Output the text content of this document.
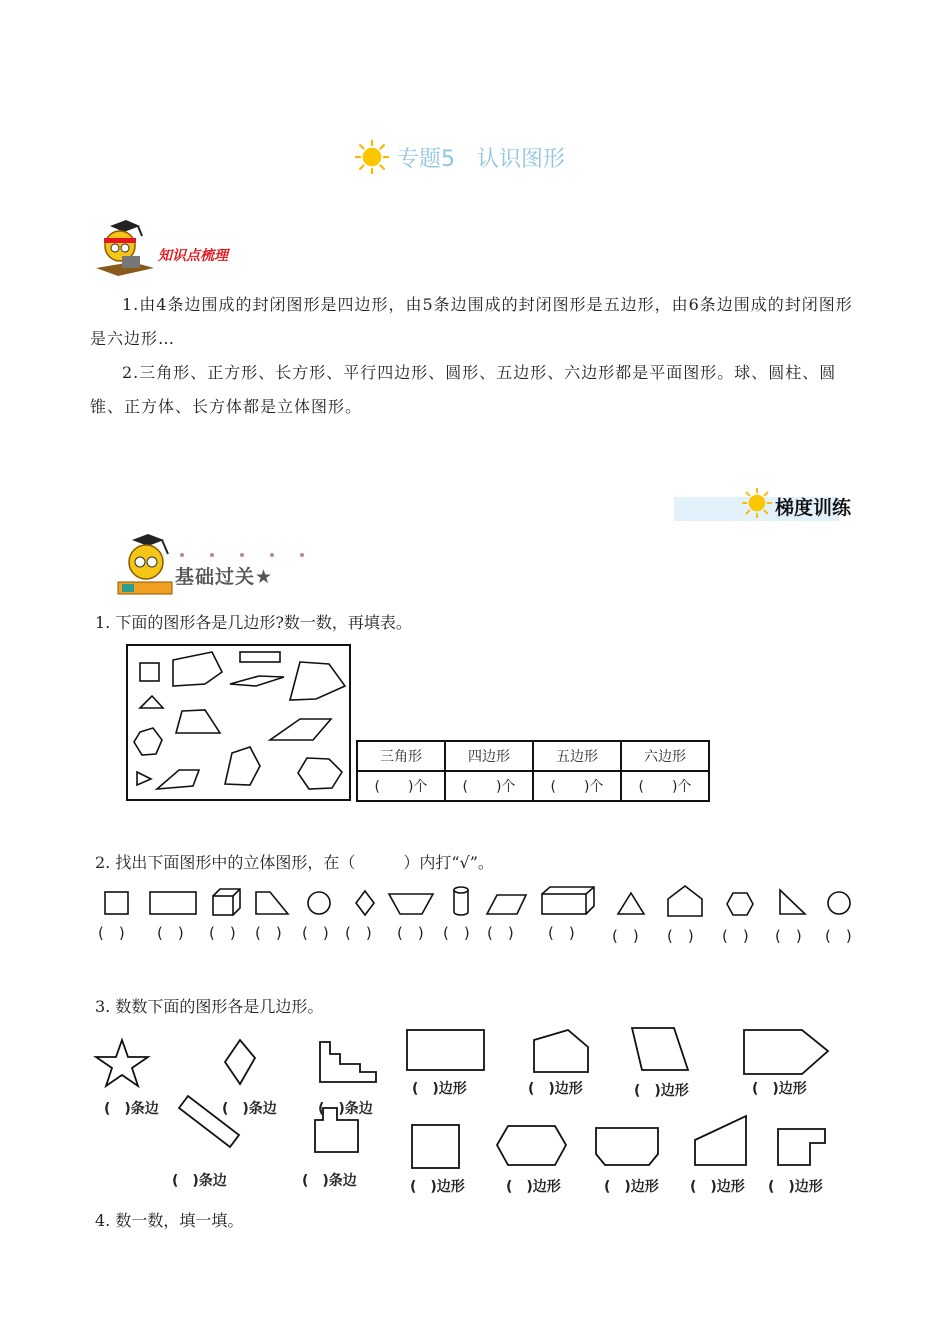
专题5　认识图形
知识点梳理

1.由4条边围成的封闭图形是四边形，由5条边围成的封闭图形是五边形，由6条边围成的封闭图形是六边形…

2.三角形、正方形、长方形、平行四边形、圆形、五边形、六边形都是平面图形。球、圆柱、圆锥、正方体、长方体都是立体图形。

梯度训练
基础过关★
1. 下面的图形各是几边形?数一数，再填表。
三角形	四边形	五边形	六边形
(　　)个	(　　)个	(　　)个	(　　)个
2. 找出下面图形中的立体图形，在（　　　）内打“√”。
(　) (　) (　) (　) (　) (　) (　) (　) (　) (　) (　) (　) (　) (　) (　)
3. 数数下面的图形各是几边形。
(　)条边	(　)条边	(　)条边
(　)边形	(　)边形	(　)边形	(　)边形
(　)条边	(　)条边	(　)边形	(　)边形	(　)边形 (　)边形 (　)边形
4. 数一数，填一填。
